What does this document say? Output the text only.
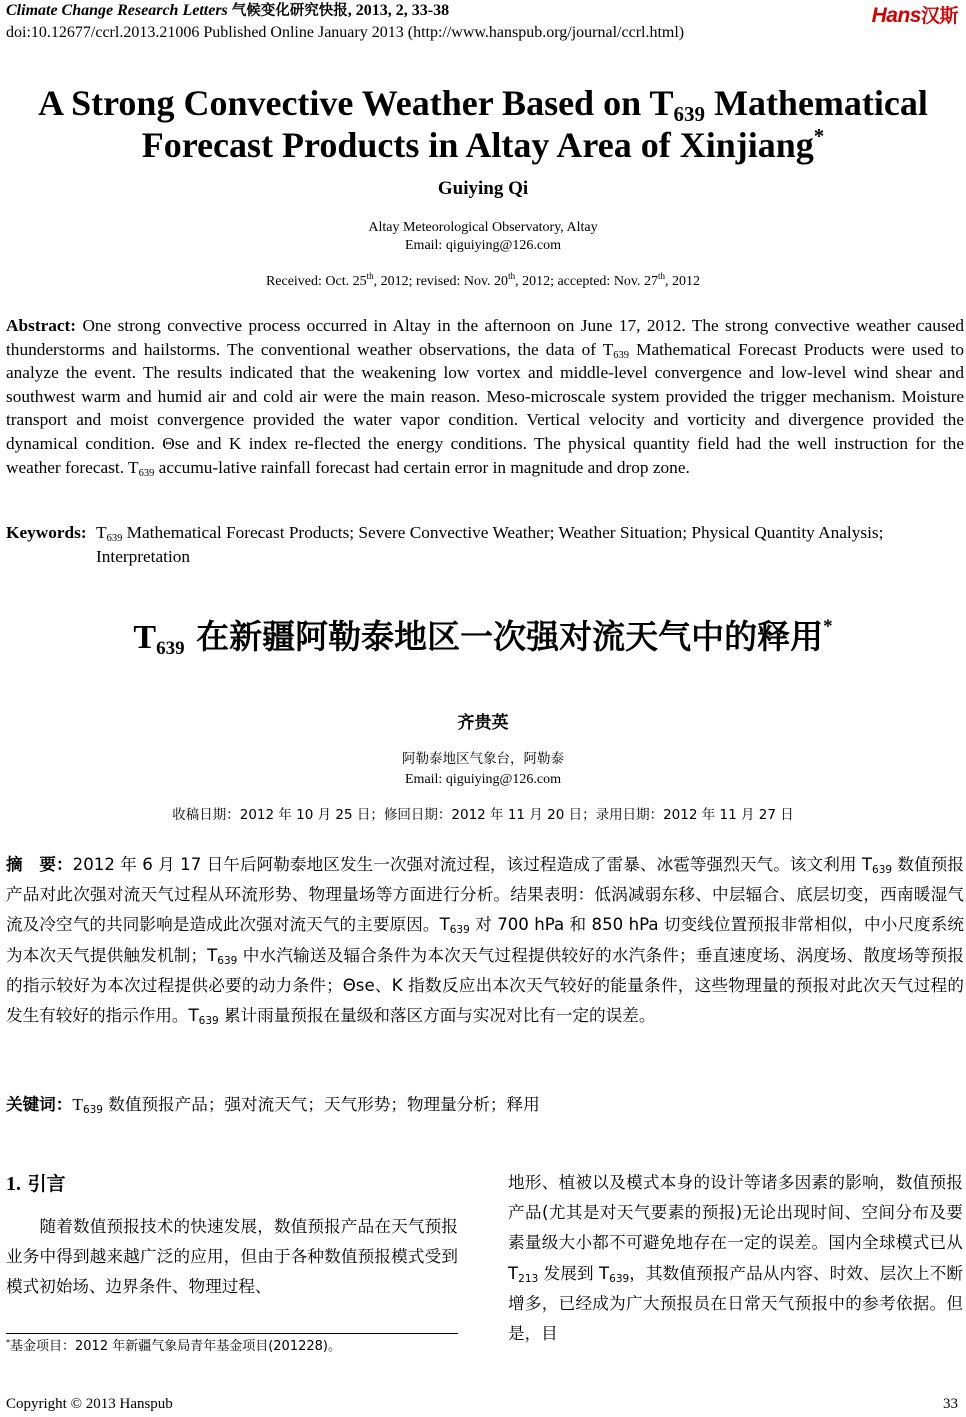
Climate Change Research Letters 气候变化研究快报, 2013, 2, 33-38
doi:10.12677/ccrl.2013.21006 Published Online January 2013 (http://www.hanspub.org/journal/ccrl.html)
Hans汉斯
A Strong Convective Weather Based on $T_{639}$ Mathematical
Forecast Products in Altay Area of Xinjiang*
Guiying Qi
Altay Meteorological Observatory, Altay
Email: qiguiying@126.com
Received: Oct. 25th, 2012; revised: Nov. 20th, 2012; accepted: Nov. 27th, 2012
Abstract: One strong convective process occurred in Altay in the afternoon on June 17, 2012. The strong convective weather caused thunderstorms and hailstorms. The conventional weather observations, the data of $T_{639}$ Mathematical Forecast Products were used to analyze the event. The results indicated that the weakening low vortex and middle-level convergence and low-level wind shear and southwest warm and humid air and cold air were the main reason. Meso-microscale system provided the trigger mechanism. Moisture transport and moist convergence provided the water vapor condition. Vertical velocity and vorticity and divergence provided the dynamical condition. Θse and K index re-flected the energy conditions. The physical quantity field had the well instruction for the weather forecast. $T_{639}$ accumu-lative rainfall forecast had certain error in magnitude and drop zone.
Keywords: $T_{639}$ Mathematical Forecast Products; Severe Convective Weather; Weather Situation; Physical Quantity Analysis; Interpretation
$T_{639}$ 在新疆阿勒泰地区一次强对流天气中的释用*
齐贵英
阿勒泰地区气象台，阿勒泰
Email: qiguiying@126.com
收稿日期：2012 年 10 月 25 日；修回日期：2012 年 11 月 20 日；录用日期：2012 年 11 月 27 日
摘　要：2012 年 6 月 17 日午后阿勒泰地区发生一次强对流过程，该过程造成了雷暴、冰雹等强烈天气。该文利用 $T_{639}$ 数值预报产品对此次强对流天气过程从环流形势、物理量场等方面进行分析。结果表明：低涡减弱东移、中层辐合、底层切变，西南暖湿气流及冷空气的共同影响是造成此次强对流天气的主要原因。$T_{639}$ 对 700 hPa 和 850 hPa 切变线位置预报非常相似，中小尺度系统为本次天气提供触发机制；$T_{639}$ 中水汽输送及辐合条件为本次天气过程提供较好的水汽条件；垂直速度场、涡度场、散度场等预报的指示较好为本次过程提供必要的动力条件；Θse、K 指数反应出本次天气较好的能量条件，这些物理量的预报对此次天气过程的发生有较好的指示作用。$T_{639}$ 累计雨量预报在量级和落区方面与实况对比有一定的误差。
关键词：$T_{639}$ 数值预报产品；强对流天气；天气形势；物理量分析；释用
1. 引言
　　随着数值预报技术的快速发展，数值预报产品在天气预报业务中得到越来越广泛的应用，但由于各种数值预报模式受到模式初始场、边界条件、物理过程、
地形、植被以及模式本身的设计等诸多因素的影响，数值预报产品(尤其是对天气要素的预报)无论出现时间、空间分布及要素量级大小都不可避免地存在一定的误差。国内全球模式已从 $T_{213}$ 发展到 $T_{639}$，其数值预报产品从内容、时效、层次上不断增多，已经成为广大预报员在日常天气预报中的参考依据。但是，目
*基金项目：2012 年新疆气象局青年基金项目(201228)。
Copyright © 2013 Hanspub	33
